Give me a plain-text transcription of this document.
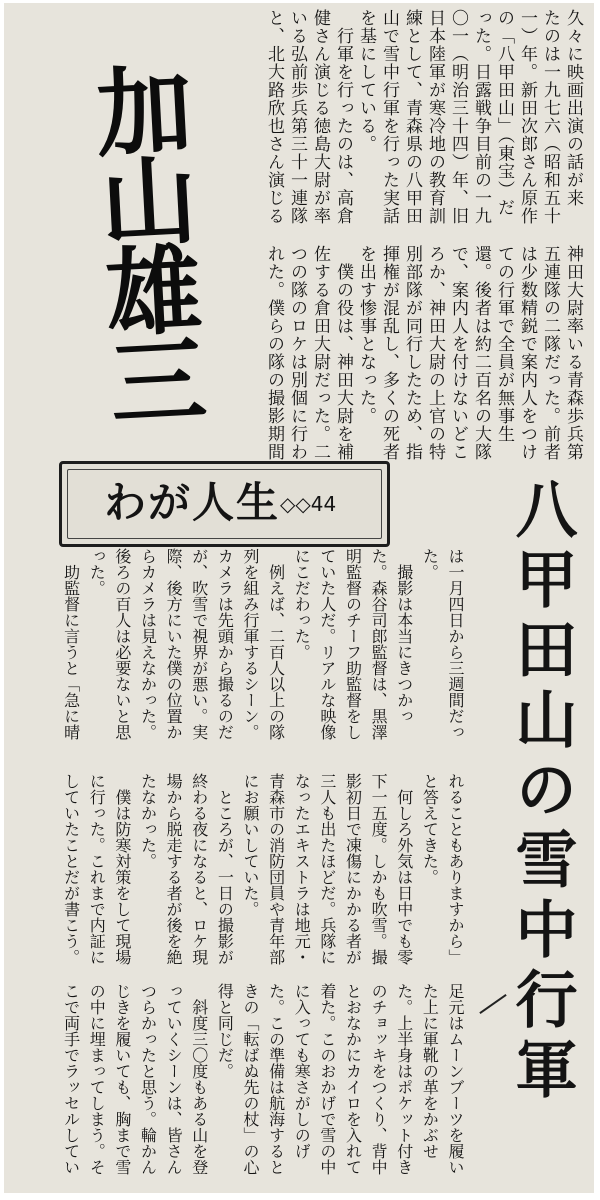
加山雄三	久々に映画出演の話が来
たのは一九七六（昭和五十
一）年。新田次郎さん原作
の「八甲田山」（東宝）だ
った。日露戦争目前の一九
〇一（明治三十四）年、旧
日本陸軍が寒冷地の教育訓
練として、青森県の八甲田
山で雪中行軍を行った実話
を基にしている。
　行軍を行ったのは、高倉
健さん演じる徳島大尉が率
いる弘前歩兵第三十一連隊
と、北大路欣也さん演じる
神田大尉率いる青森歩兵第
五連隊の二隊だった。前者
は少数精鋭で案内人をつけ
ての行軍で全員が無事生
還。後者は約二百名の大隊
で、案内人を付けないどこ
ろか、神田大尉の上官の特
別部隊が同行したため、指
揮権が混乱し、多くの死者
を出す惨事となった。
　僕の役は、神田大尉を補
佐する倉田大尉だった。二
つの隊のロケは別個に行わ
れた。僕らの隊の撮影期間
わが人生 ◇◇44	八甲田山の雪中行軍
は一月四日から三週間だっ
た。
　撮影は本当にきつかっ
た。森谷司郎監督は、黒澤
明監督のチーフ助監督をし
ていた人だ。リアルな映像
にこだわった。
　例えば、二百人以上の隊
列を組み行軍するシーン。
カメラは先頭から撮るのだ
が、吹雪で視界が悪い。実
際、後方にいた僕の位置か
らカメラは見えなかった。
後ろの百人は必要ないと思
った。
　助監督に言うと「急に晴
れることもありますから」
と答えてきた。
　何しろ外気は日中でも零
下一五度。しかも吹雪。撮
影初日で凍傷にかかる者が
三人も出たほどだ。兵隊に
なったエキストラは地元・
青森市の消防団員や青年部
にお願いしていた。
　ところが、一日の撮影が
終わる夜になると、ロケ現
場から脱走する者が後を絶
たなかった。
　僕は防寒対策をして現場
に行った。これまで内証に
していたことだが書こう。
足元はムーンブーツを履い
た上に軍靴の革をかぶせ
た。上半身はポケット付き
のチョッキをつくり、背中
とおなかにカイロを入れて
着た。このおかげで雪の中
に入っても寒さがしのげ
た。この準備は航海すると
きの「転ばぬ先の杖」の心
得と同じだ。
　斜度三〇度もある山を登
っていくシーンは、皆さん
つらかったと思う。輪かん
じきを履いても、胸まで雪
の中に埋まってしまう。そ
こで両手でラッセルしてい
